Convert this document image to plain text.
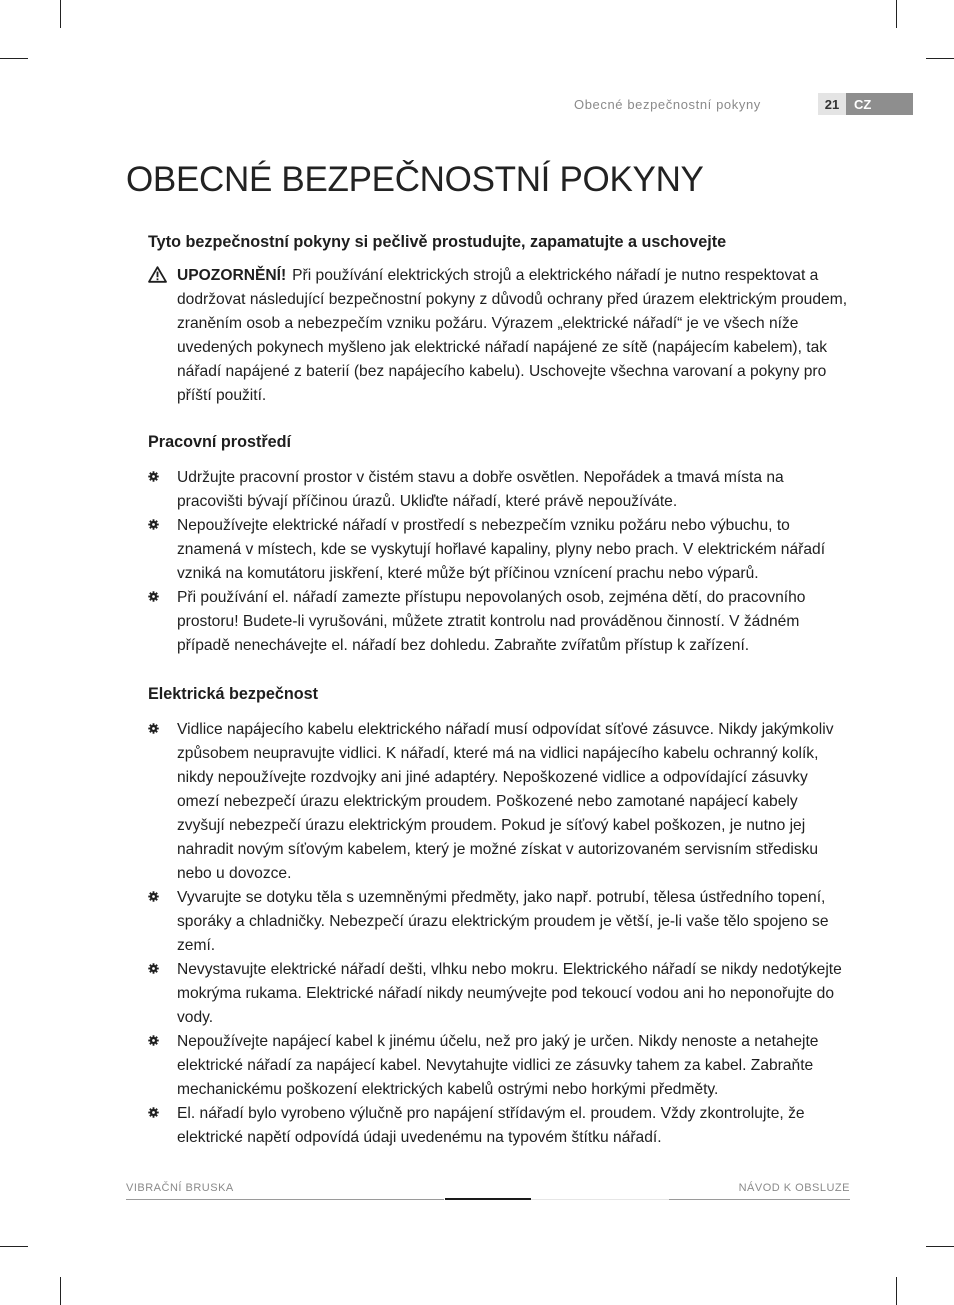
Obecné bezpečnostní pokyny	21	CZ
OBECNÉ BEZPEČNOSTNÍ POKYNY
Tyto bezpečnostní pokyny si pečlivě prostudujte, zapamatujte a uschovejte
UPOZORNĚNÍ! Při používání elektrických strojů a elektrického nářadí je nutno respektovat a dodržovat následující bezpečnostní pokyny z důvodů ochrany před úrazem elektrickým proudem, zraněním osob a nebezpečím vzniku požáru. Výrazem „elektrické nářadí“ je ve všech níže uvedených pokynech myšleno jak elektrické nářadí napájené ze sítě (napájecím kabelem), tak nářadí napájené z baterií (bez napájecího kabelu). Uschovejte všechna varovaní a pokyny pro příští použití.
Pracovní prostředí
Udržujte pracovní prostor v čistém stavu a dobře osvětlen. Nepořádek a tmavá místa na pracovišti bývají příčinou úrazů. Ukliďte nářadí, které právě nepoužíváte.
Nepoužívejte elektrické nářadí v prostředí s nebezpečím vzniku požáru nebo výbuchu, to znamená v místech, kde se vyskytují hořlavé kapaliny, plyny nebo prach. V elektrickém nářadí vzniká na komutátoru jiskření, které může být příčinou vznícení prachu nebo výparů.
Při používání el. nářadí zamezte přístupu nepovolaných osob, zejména dětí, do pracovního prostoru! Budete-li vyrušováni, můžete ztratit kontrolu nad prováděnou činností. V žádném případě nenechávejte el. nářadí bez dohledu. Zabraňte zvířatům přístup k zařízení.
Elektrická bezpečnost
Vidlice napájecího kabelu elektrického nářadí musí odpovídat síťové zásuvce. Nikdy jakýmkoliv způsobem neupravujte vidlici. K nářadí, které má na vidlici napájecího kabelu ochranný kolík, nikdy nepoužívejte rozdvojky ani jiné adaptéry. Nepoškozené vidlice a odpovídající zásuvky omezí nebezpečí úrazu elektrickým proudem. Poškozené nebo zamotané napájecí kabely zvyšují nebezpečí úrazu elektrickým proudem. Pokud je síťový kabel poškozen, je nutno jej nahradit novým síťovým kabelem, který je možné získat v autorizovaném servisním středisku nebo u dovozce.
Vyvarujte se dotyku těla s uzemněnými předměty, jako např. potrubí, tělesa ústředního topení, sporáky a chladničky. Nebezpečí úrazu elektrickým proudem je větší, je-li vaše tělo spojeno se zemí.
Nevystavujte elektrické nářadí dešti, vlhku nebo mokru. Elektrického nářadí se nikdy nedotýkejte mokrýma rukama. Elektrické nářadí nikdy neumývejte pod tekoucí vodou ani ho neponořujte do vody.
Nepoužívejte napájecí kabel k jinému účelu, než pro jaký je určen. Nikdy nenoste a netahejte elektrické nářadí za napájecí kabel. Nevytahujte vidlici ze zásuvky tahem za kabel. Zabraňte mechanickému poškození elektrických kabelů ostrými nebo horkými předměty.
El. nářadí bylo vyrobeno výlučně pro napájení střídavým el. proudem. Vždy zkontrolujte, že elektrické napětí odpovídá údaji uvedenému na typovém štítku nářadí.
VIBRAČNÍ BRUSKA	NÁVOD K OBSLUZE
